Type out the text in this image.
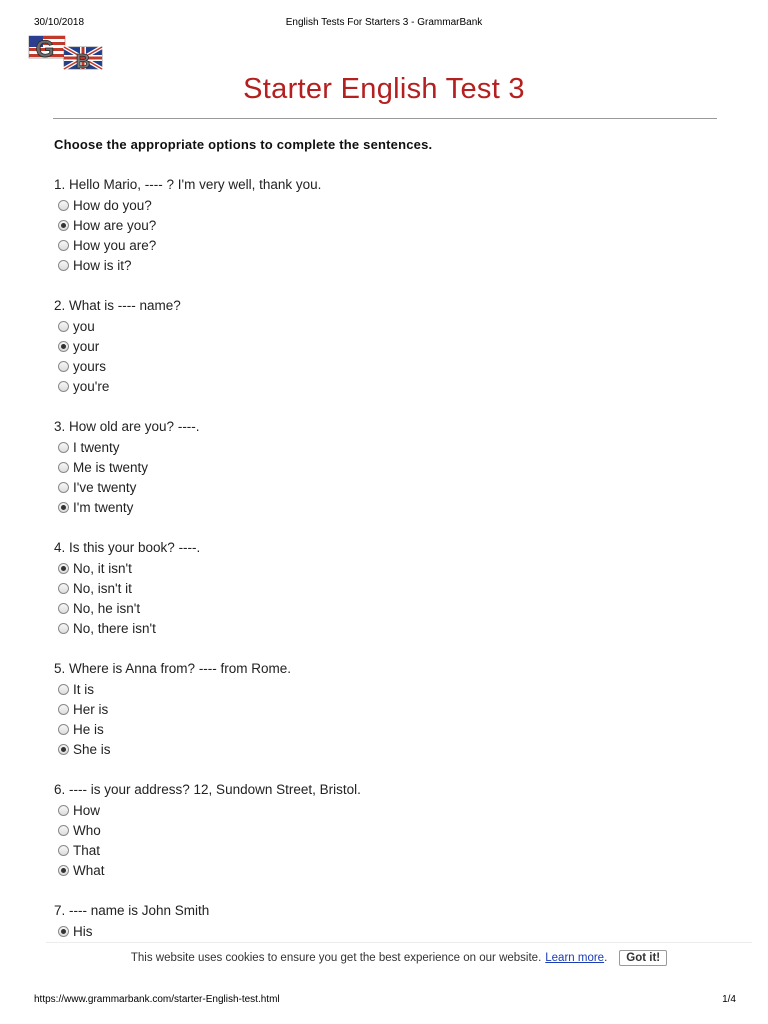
30/10/2018	English Tests For Starters 3 - GrammarBank
G B
Starter English Test 3

Choose the appropriate options to complete the sentences.

1. Hello Mario, ---- ? I'm very well, thank you.
How do you?
How are you?
How you are?
How is it?
2. What is ---- name?
you
your
yours
you're
3. How old are you? ----.
I twenty
Me is twenty
I've twenty
I'm twenty
4. Is this your book? ----.
No, it isn't
No, isn't it
No, he isn't
No, there isn't
5. Where is Anna from? ---- from Rome.
It is
Her is
He is
She is
6. ---- is your address? 12, Sundown Street, Bristol.
How
Who
That
What
7. ---- name is John Smith
His
This website uses cookies to ensure you get the best experience on our website. Learn more .	Got it!
https://www.grammarbank.com/starter-English-test.html	1/4
